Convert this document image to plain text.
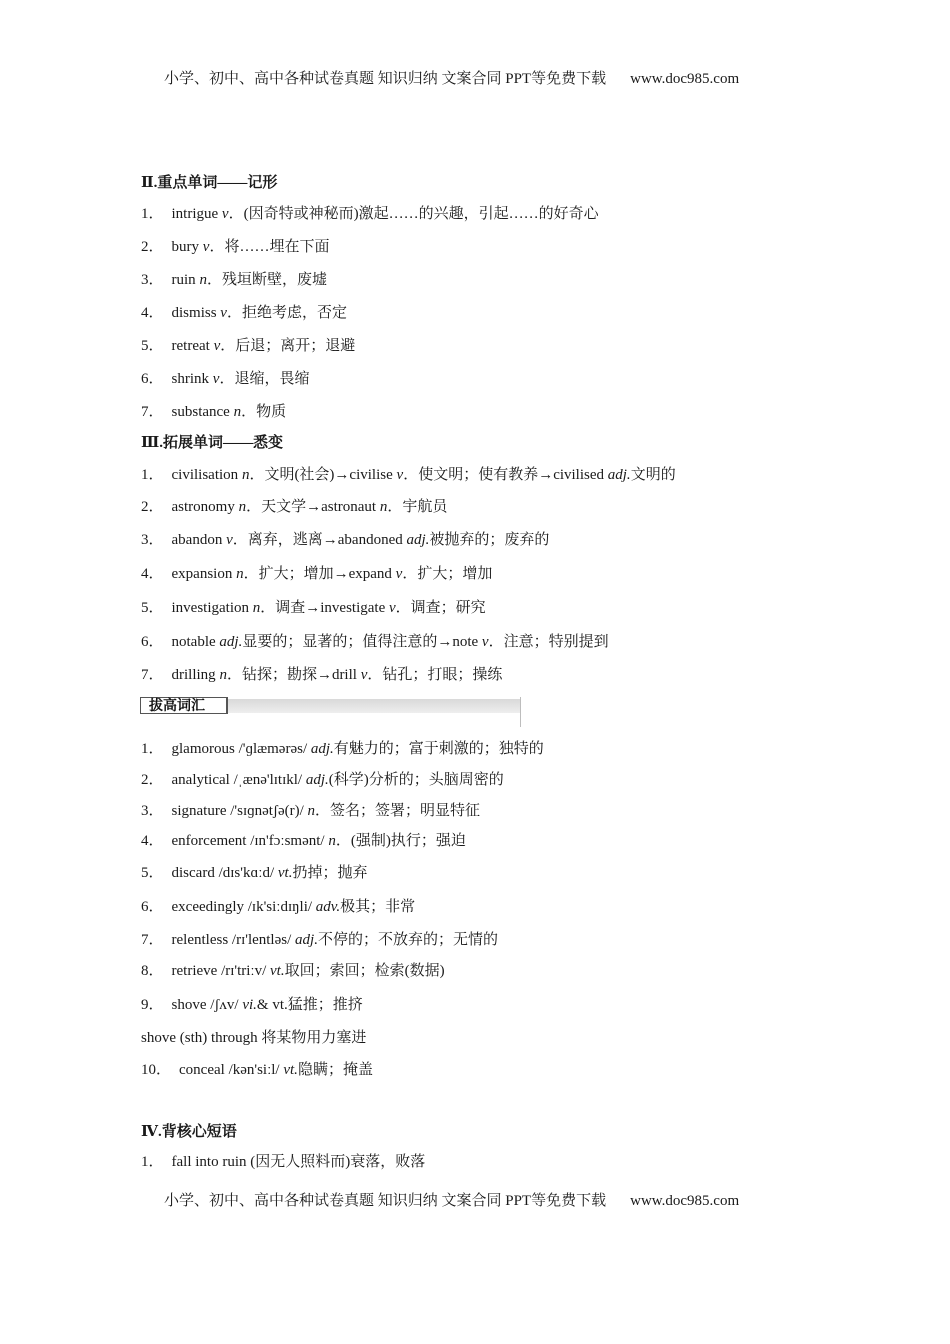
小学、初中、高中各种试卷真题 知识归纳 文案合同 PPT等免费下载 www.doc985.com
Ⅱ.重点单词——记形
1． intrigue v．(因奇特或神秘而)激起……的兴趣，引起……的好奇心
2． bury v．将……埋在下面
3． ruin n．残垣断壁，废墟
4． dismiss v．拒绝考虑，否定
5． retreat v．后退；离开；退避
6． shrink v．退缩，畏缩
7． substance n．物质
Ⅲ.拓展单词——悉变
1． civilisation n．文明(社会)→civilise v．使文明；使有教养→civilised adj.文明的
2． astronomy n．天文学→astronaut n．宇航员
3． abandon v．离弃，逃离→abandoned adj.被抛弃的；废弃的
4． expansion n．扩大；增加→expand v．扩大；增加
5． investigation n．调查→investigate v．调查；研究
6． notable adj.显要的；显著的；值得注意的→note v．注意；特别提到
7． drilling n．钻探；勘探→drill v．钻孔；打眼；操练
拔高词汇
1． glamorous /'ɡlæmərəs/ adj.有魅力的；富于刺激的；独特的
2． analytical /ˌænə'lɪtɪkl/ adj.(科学)分析的；头脑周密的
3． signature /'sɪɡnətʃə(r)/ n．签名；签署；明显特征
4． enforcement /ɪn'fɔːsmənt/ n．(强制)执行；强迫
5． discard /dɪs'kɑːd/ vt.扔掉；抛弃
6． exceedingly /ɪk'siːdɪŋli/ adv.极其；非常
7． relentless /rɪ'lentləs/ adj.不停的；不放弃的；无情的
8． retrieve /rɪ'triːv/ vt.取回；索回；检索(数据)
9． shove /ʃʌv/ vi.& vt.猛推；推挤
shove (sth) through 将某物用力塞进
10． conceal /kən'siːl/ vt.隐瞒；掩盖
Ⅳ.背核心短语
1． fall into ruin (因无人照料而)衰落，败落
小学、初中、高中各种试卷真题 知识归纳 文案合同 PPT等免费下载 www.doc985.com
